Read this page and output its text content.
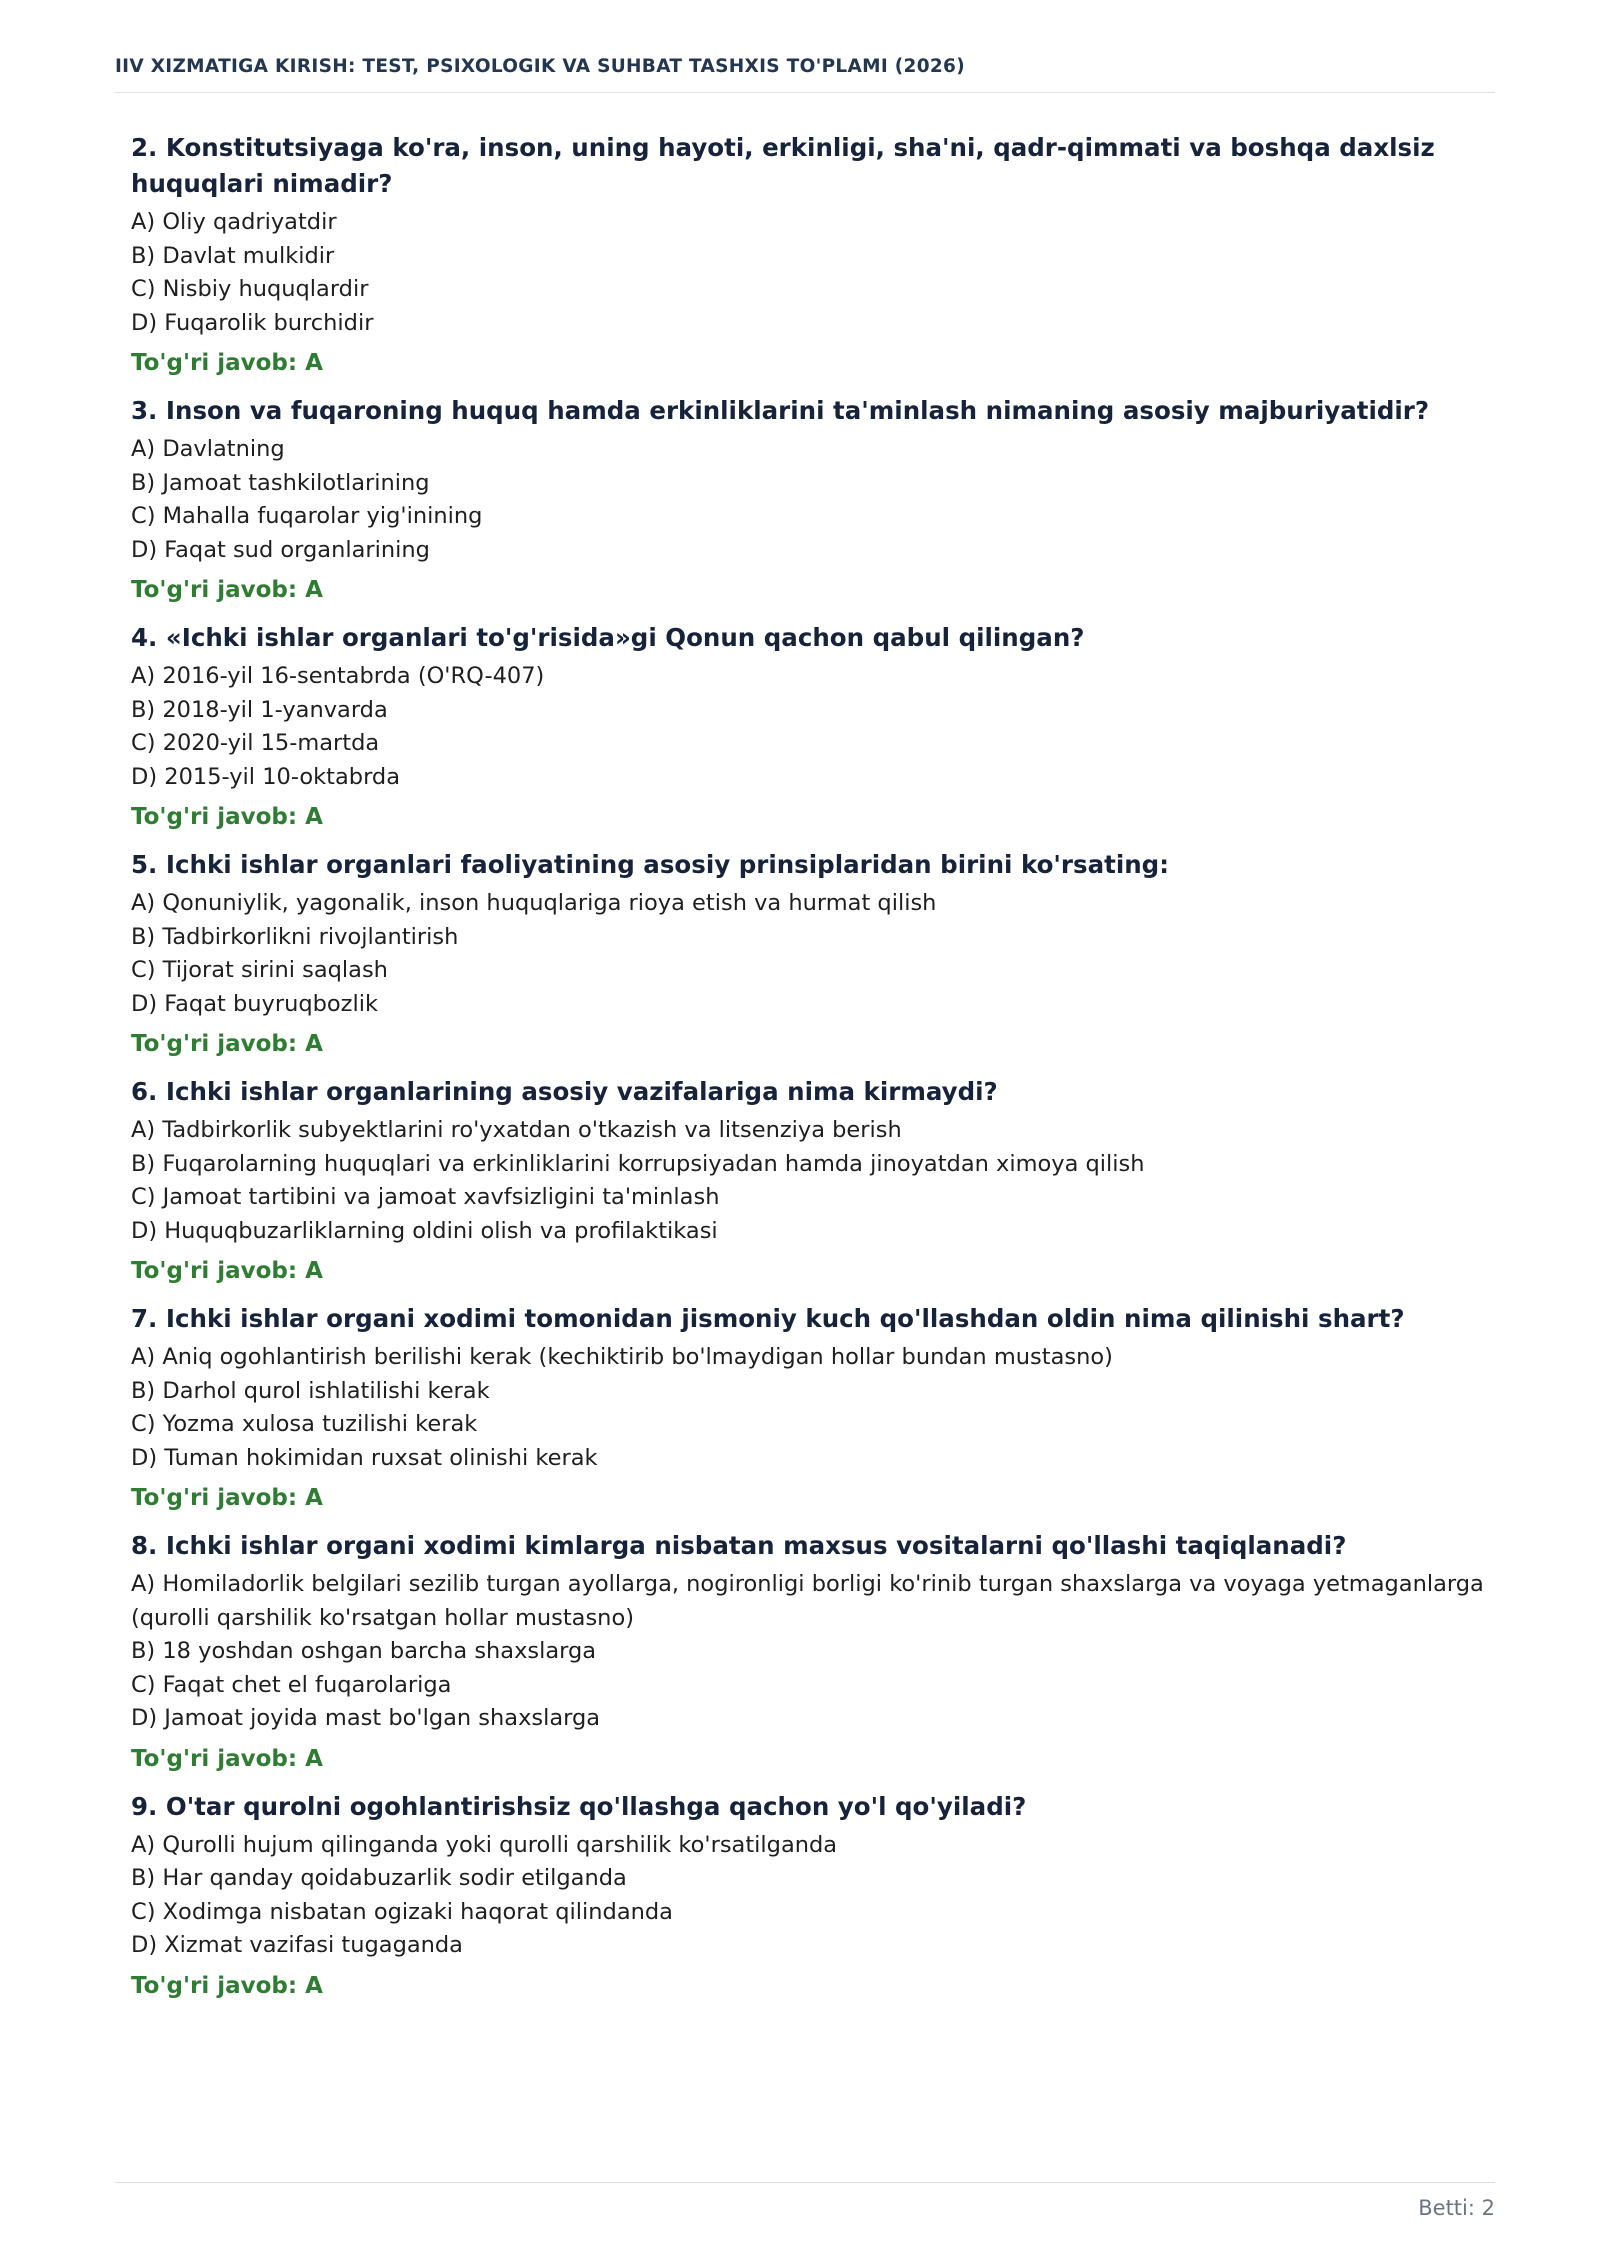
IIV XIZMATIGA KIRISH: TEST, PSIXOLOGIK VA SUHBAT TASHXIS TO'PLAMI (2026)
2. Konstitutsiyaga ko'ra, inson, uning hayoti, erkinligi, sha'ni, qadr-qimmati va boshqa daxlsiz huquqlari nimadir?
A) Oliy qadriyatdir
B) Davlat mulkidir
C) Nisbiy huquqlardir
D) Fuqarolik burchidir
To'g'ri javob: A
3. Inson va fuqaroning huquq hamda erkinliklarini ta'minlash nimaning asosiy majburiyatidir?
A) Davlatning
B) Jamoat tashkilotlarining
C) Mahalla fuqarolar yig'inining
D) Faqat sud organlarining
To'g'ri javob: A
4. «Ichki ishlar organlari to'g'risida»gi Qonun qachon qabul qilingan?
A) 2016-yil 16-sentabrda (O'RQ-407)
B) 2018-yil 1-yanvarda
C) 2020-yil 15-martda
D) 2015-yil 10-oktabrda
To'g'ri javob: A
5. Ichki ishlar organlari faoliyatining asosiy prinsiplaridan birini ko'rsating:
A) Qonuniylik, yagonalik, inson huquqlariga rioya etish va hurmat qilish
B) Tadbirkorlikni rivojlantirish
C) Tijorat sirini saqlash
D) Faqat buyruqbozlik
To'g'ri javob: A
6. Ichki ishlar organlarining asosiy vazifalariga nima kirmaydi?
A) Tadbirkorlik subyektlarini ro'yxatdan o'tkazish va litsenziya berish
B) Fuqarolarning huquqlari va erkinliklarini korrupsiyadan hamda jinoyatdan ximoya qilish
C) Jamoat tartibini va jamoat xavfsizligini ta'minlash
D) Huquqbuzarliklarning oldini olish va profilaktikasi
To'g'ri javob: A
7. Ichki ishlar organi xodimi tomonidan jismoniy kuch qo'llashdan oldin nima qilinishi shart?
A) Aniq ogohlantirish berilishi kerak (kechiktirib bo'lmaydigan hollar bundan mustasno)
B) Darhol qurol ishlatilishi kerak
C) Yozma xulosa tuzilishi kerak
D) Tuman hokimidan ruxsat olinishi kerak
To'g'ri javob: A
8. Ichki ishlar organi xodimi kimlarga nisbatan maxsus vositalarni qo'llashi taqiqlanadi?
A) Homiladorlik belgilari sezilib turgan ayollarga, nogironligi borligi ko'rinib turgan shaxslarga va voyaga yetmaganlarga (qurolli qarshilik ko'rsatgan hollar mustasno)
B) 18 yoshdan oshgan barcha shaxslarga
C) Faqat chet el fuqarolariga
D) Jamoat joyida mast bo'lgan shaxslarga
To'g'ri javob: A
9. O'tar qurolni ogohlantirishsiz qo'llashga qachon yo'l qo'yiladi?
A) Qurolli hujum qilinganda yoki qurolli qarshilik ko'rsatilganda
B) Har qanday qoidabuzarlik sodir etilganda
C) Xodimga nisbatan ogizaki haqorat qilindanda
D) Xizmat vazifasi tugaganda
To'g'ri javob: A
Betti: 2
